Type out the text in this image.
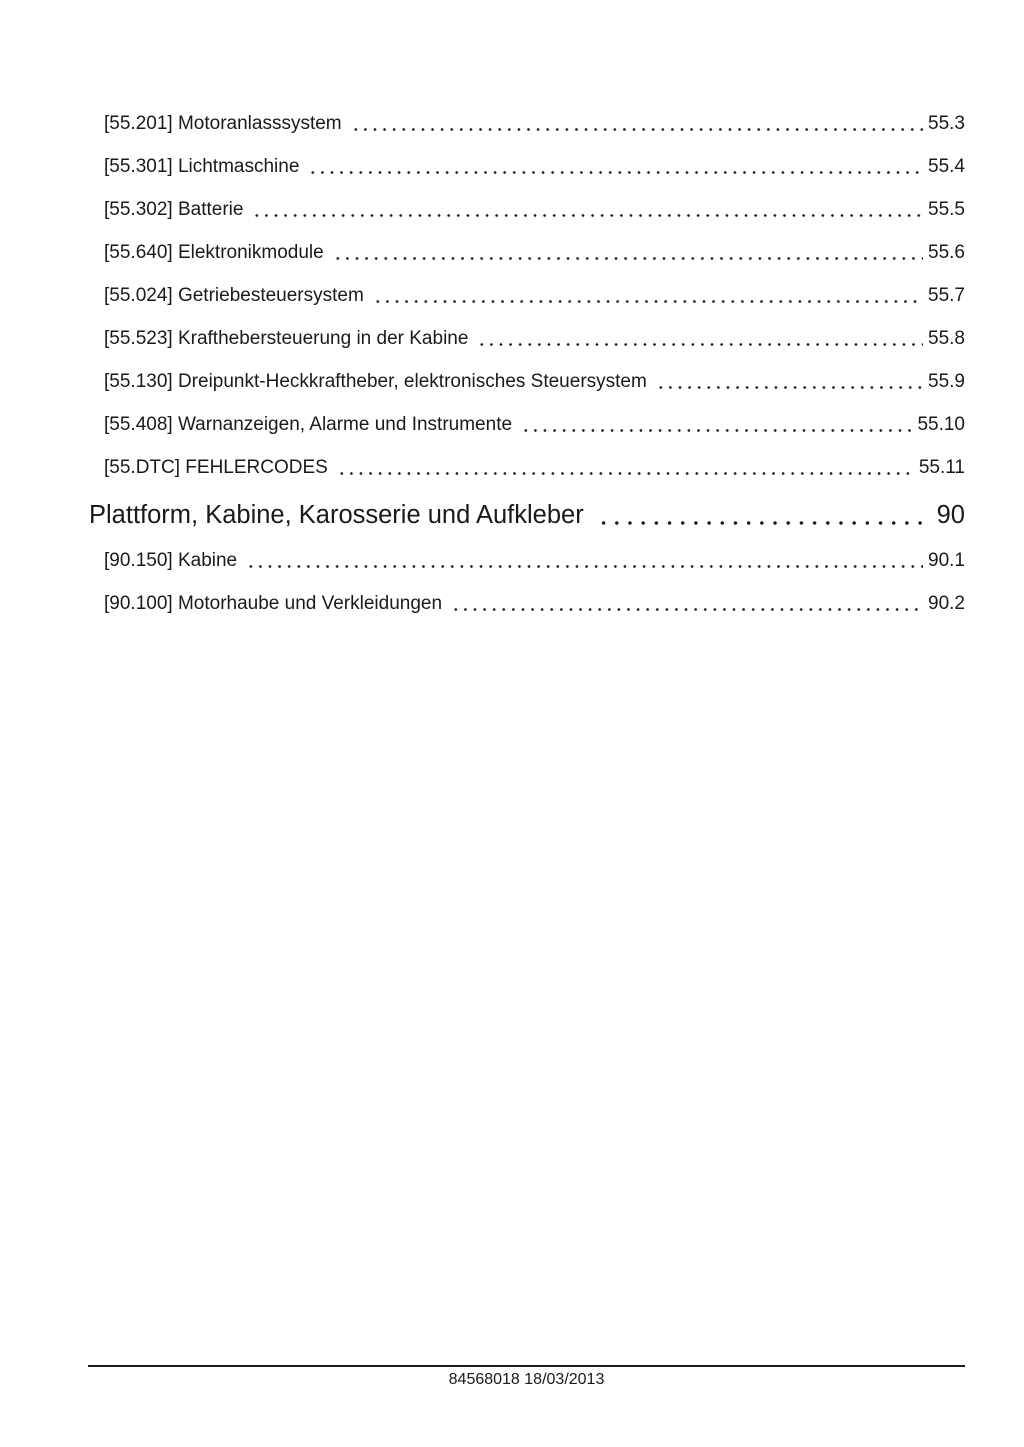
[55.201] Motoranlasssystem	55.3
[55.301] Lichtmaschine	55.4
[55.302] Batterie	55.5
[55.640] Elektronikmodule	55.6
[55.024] Getriebesteuersystem	55.7
[55.523] Krafthebersteuerung in der Kabine	55.8
[55.130] Dreipunkt-Heckkraftheber, elektronisches Steuersystem	55.9
[55.408] Warnanzeigen, Alarme und Instrumente	55.10
[55.DTC] FEHLERCODES	55.11
Plattform, Kabine, Karosserie und Aufkleber	90
[90.150] Kabine	90.1
[90.100] Motorhaube und Verkleidungen	90.2
84568018 18/03/2013
